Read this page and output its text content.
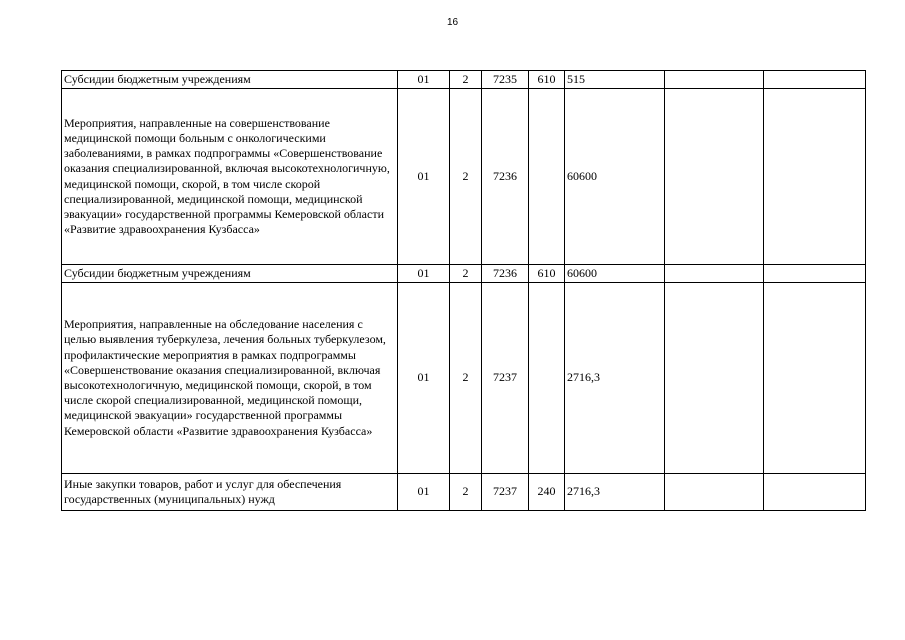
16
Субсидии бюджетным учреждениям	01	2	7235	610	515		
Мероприятия, направленные на совершенствование медицинской помощи больным с онкологическими заболеваниями, в рамках подпрограммы «Совершенствование оказания специализированной, включая высокотехнологичную, медицинской помощи, скорой, в том числе скорой специализированной, медицинской помощи, медицинской эвакуации» государственной программы Кемеровской области «Развитие здравоохранения Кузбасса»	01	2	7236		60600		
Субсидии бюджетным учреждениям	01	2	7236	610	60600		
Мероприятия, направленные на обследование населения с целью выявления туберкулеза, лечения больных туберкулезом, профилактические мероприятия в рамках подпрограммы «Совершенствование оказания специализированной, включая высокотехнологичную, медицинской помощи, скорой, в том числе скорой специализированной, медицинской помощи, медицинской эвакуации» государственной программы Кемеровской области «Развитие здравоохранения Кузбасса»	01	2	7237		2716,3		
Иные закупки товаров, работ и услуг для обеспечения государственных (муниципальных) нужд	01	2	7237	240	2716,3		
